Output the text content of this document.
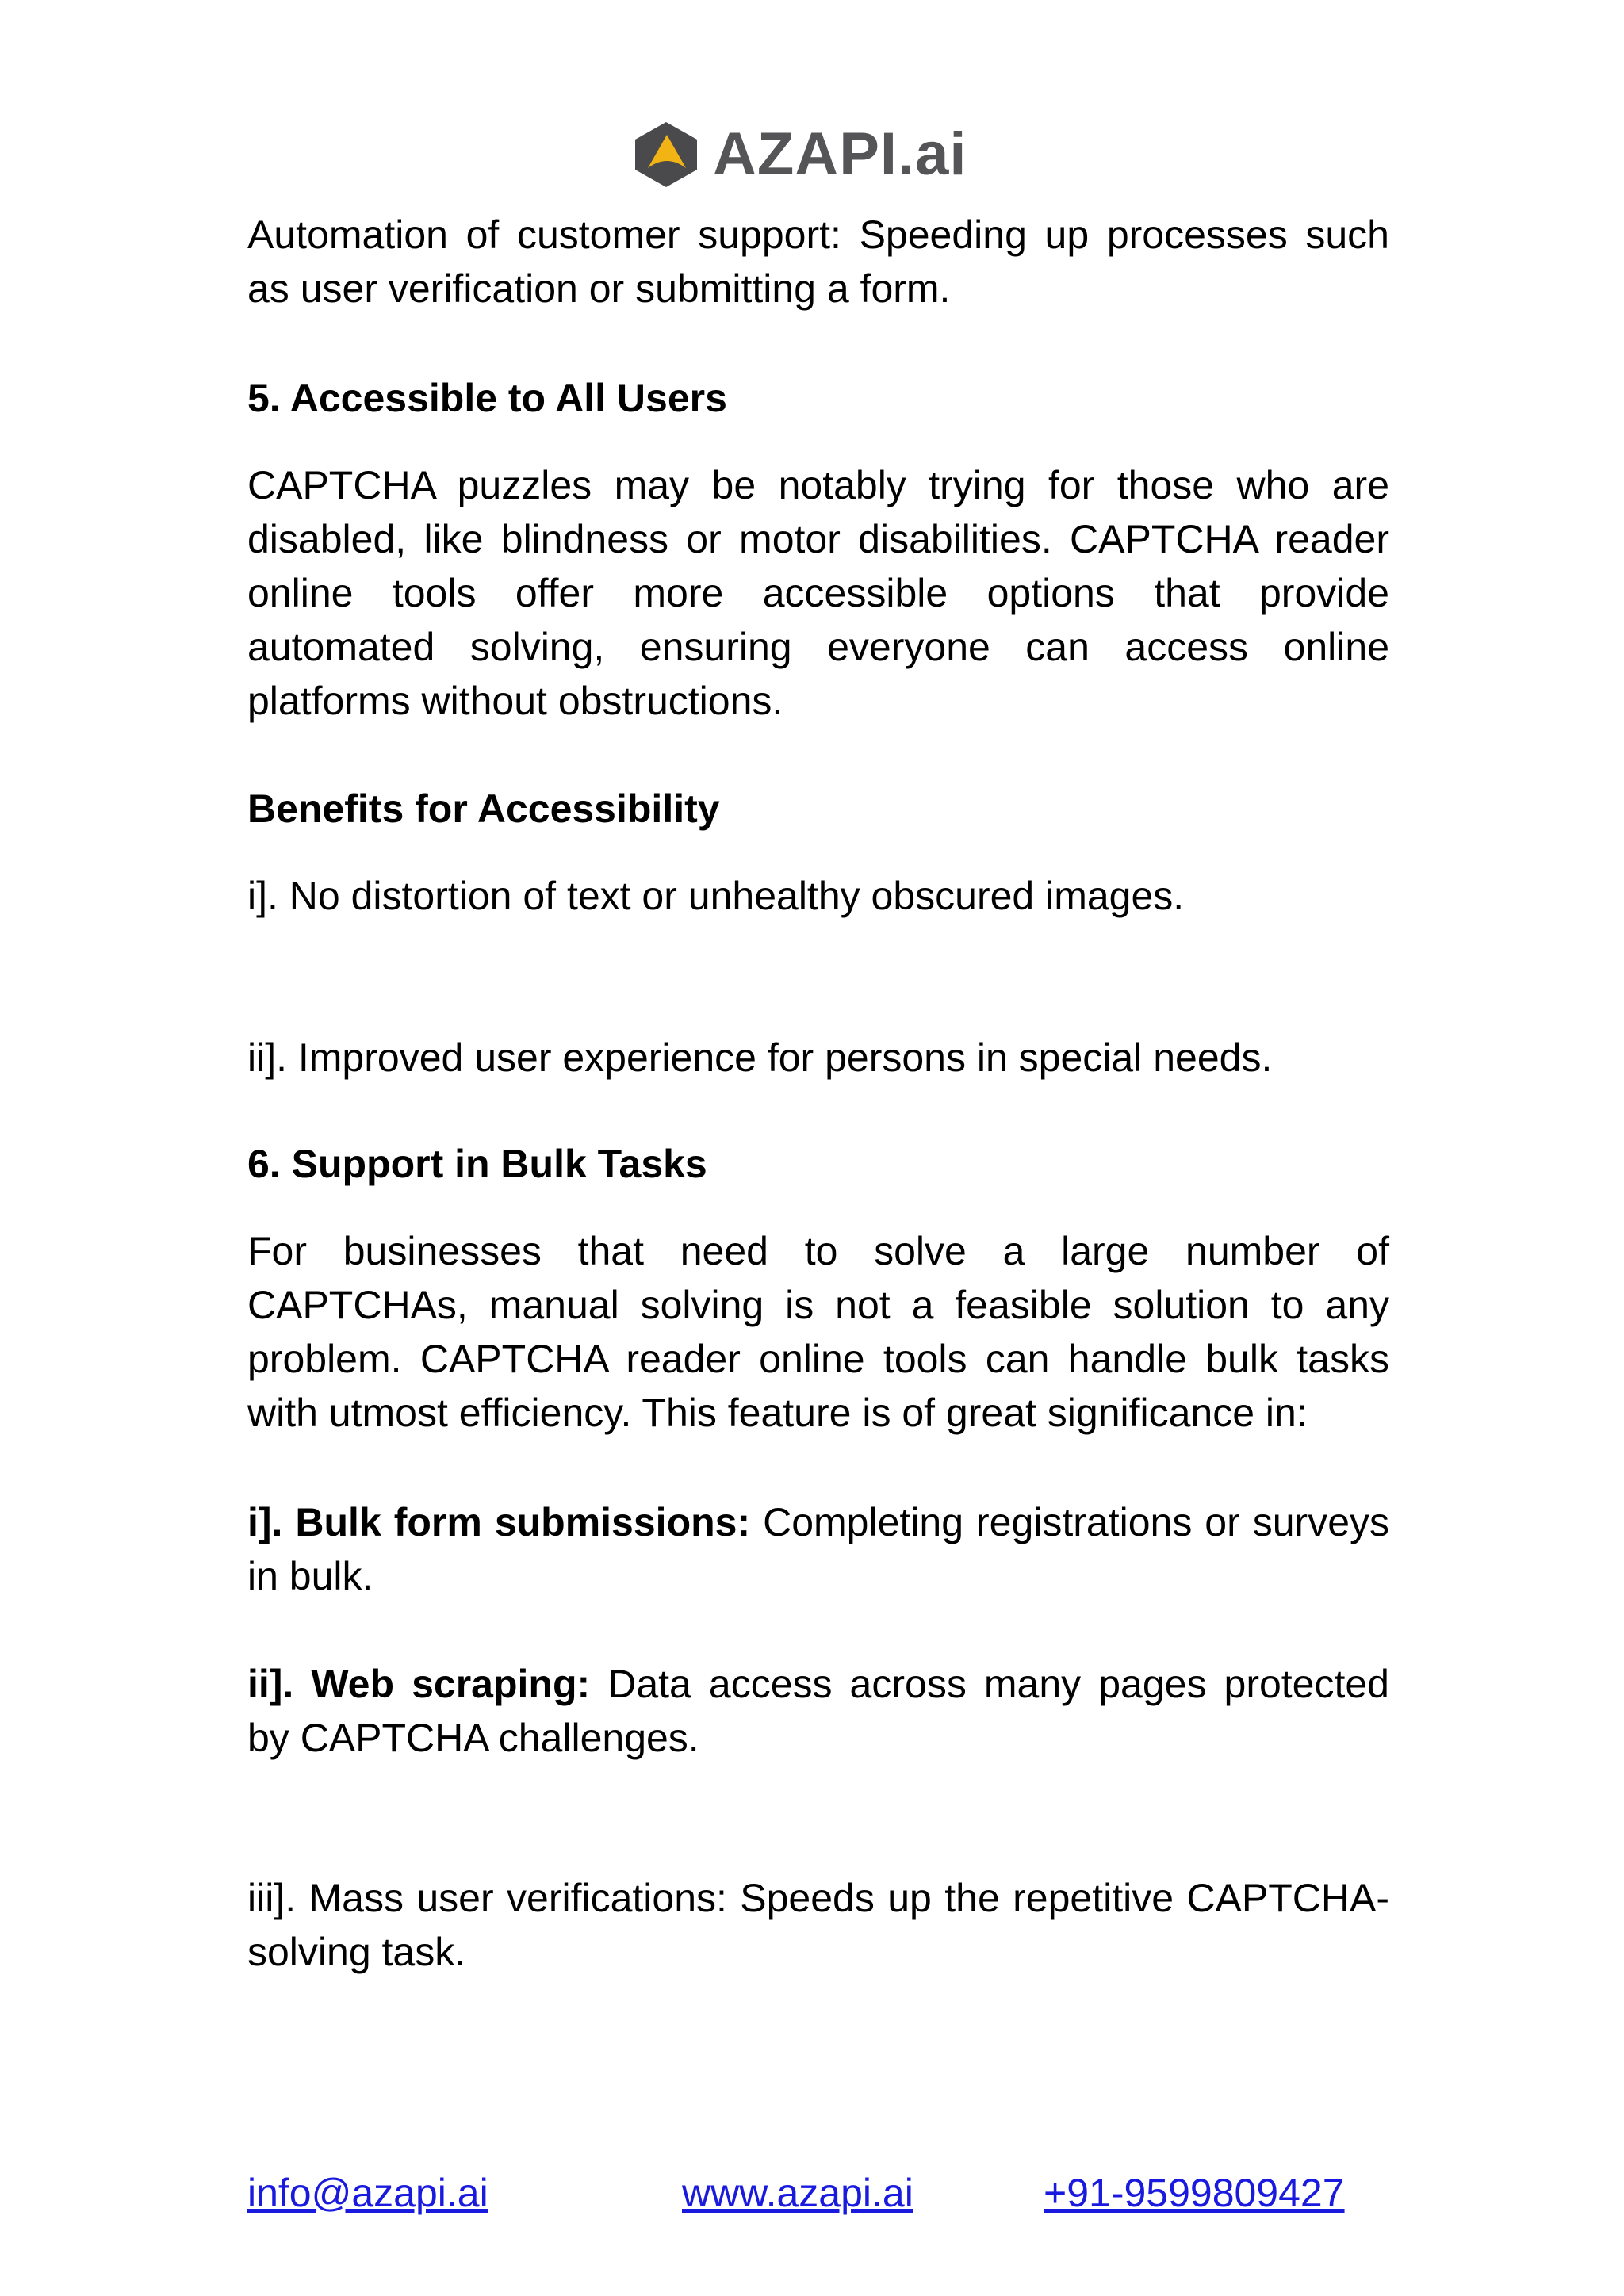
AZAPI.ai

Automation of customer support: Speeding up processes such as user verification or submitting a form.

5. Accessible to All Users

CAPTCHA puzzles may be notably trying for those who are disabled, like blindness or motor disabilities. CAPTCHA reader online tools offer more accessible options that provide automated solving, ensuring everyone can access online platforms without obstructions.

Benefits for Accessibility

i]. No distortion of text or unhealthy obscured images.

ii]. Improved user experience for persons in special needs.

6. Support in Bulk Tasks

For businesses that need to solve a large number of CAPTCHAs, manual solving is not a feasible solution to any problem. CAPTCHA reader online tools can handle bulk tasks with utmost efficiency. This feature is of great significance in:

i]. Bulk form submissions: Completing registrations or surveys in bulk.

ii]. Web scraping: Data access across many pages protected by CAPTCHA challenges.

iii]. Mass user verifications: Speeds up the repetitive CAPTCHA-solving task.

info@azapi.ai	www.azapi.ai	+91-9599809427
